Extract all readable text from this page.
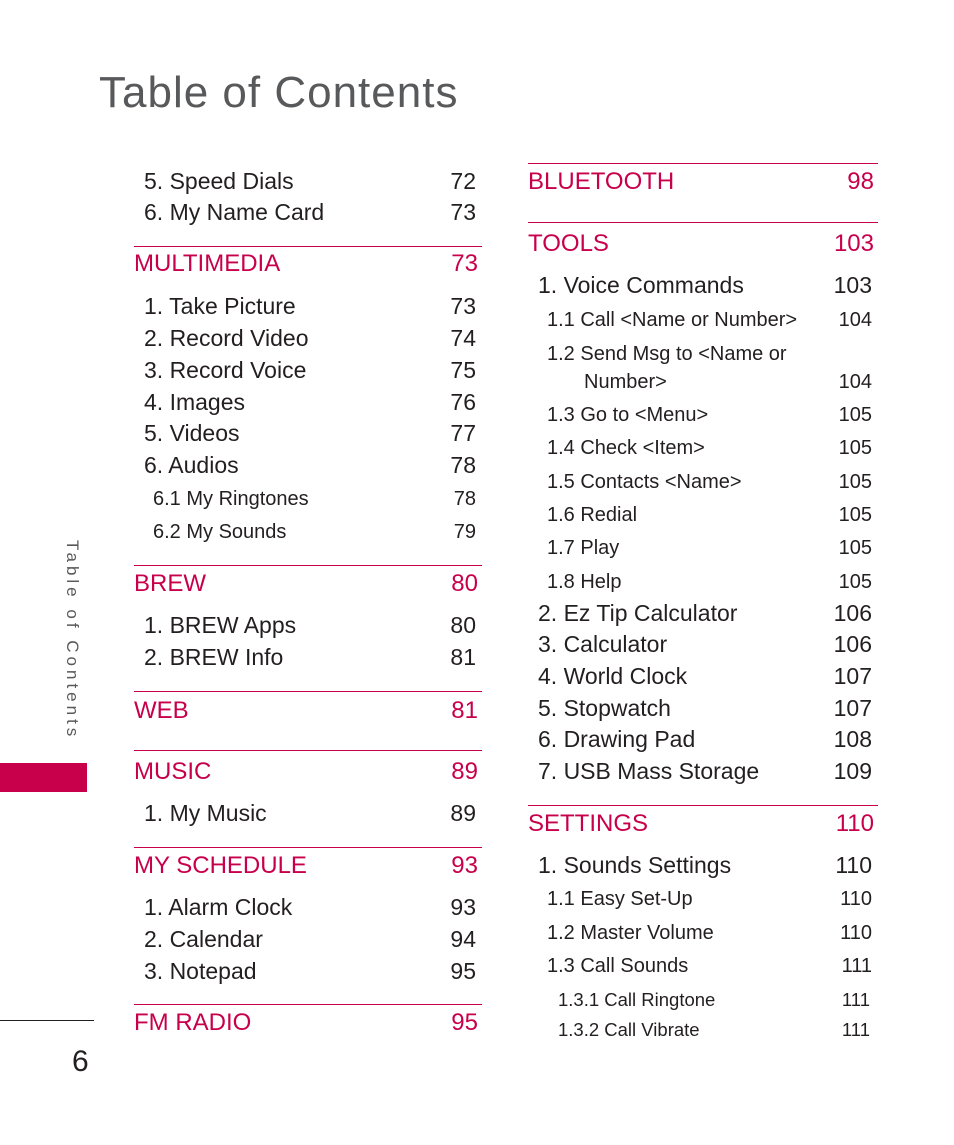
Table of Contents
Table of Contents
6
5. Speed Dials	72
6. My Name Card	73
MULTIMEDIA	73
1. Take Picture	73
2. Record Video	74
3. Record Voice	75
4. Images	76
5. Videos	77
6. Audios	78
6.1 My Ringtones	78
6.2 My Sounds	79
BREW	80
1. BREW Apps	80
2. BREW Info	81
WEB	81
MUSIC	89
1. My Music	89
MY SCHEDULE	93
1. Alarm Clock	93
2. Calendar	94
3. Notepad	95
FM RADIO	95
BLUETOOTH	98
TOOLS	103
1. Voice Commands	103
1.1 Call <Name or Number> 104
1.2 Send Msg to <Name or
Number>	104
1.3 Go to <Menu>	105
1.4 Check <Item>	105
1.5 Contacts <Name>	105
1.6 Redial	105
1.7 Play	105
1.8 Help	105
2. Ez Tip Calculator	106
3. Calculator	106
4. World Clock	107
5. Stopwatch	107
6. Drawing Pad	108
7. USB Mass Storage	109
SETTINGS	110
1. Sounds Settings	110
1.1 Easy Set-Up	110
1.2 Master Volume	110
1.3 Call Sounds	111
1.3.1 Call Ringtone	111
1.3.2 Call Vibrate	111
